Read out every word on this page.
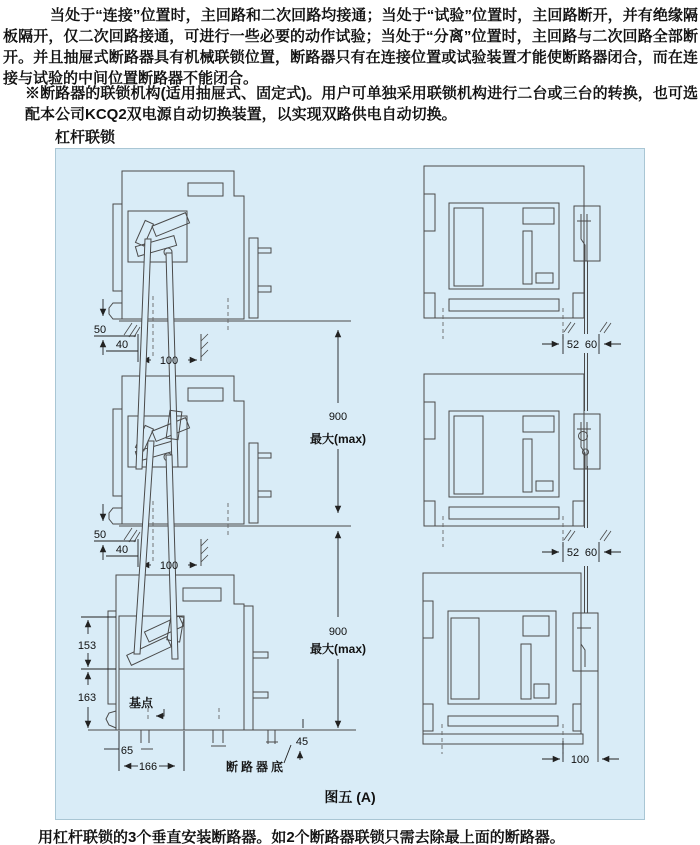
当处于“连接”位置时，主回路和二次回路均接通；当处于“试验”位置时，主回路断开，并有绝缘隔板隔开，仅二次回路接通，可进行一些必要的动作试验；当处于“分离”位置时，主回路与二次回路全部断开。并且抽屉式断路器具有机械联锁位置，断路器只有在连接位置或试验装置才能使断路器闭合，而在连接与试验的中间位置断路器不能闭合。

※断路器的联锁机构(适用抽屉式、固定式)。用户可单独采用联锁机构进行二台或三台的转换，也可选配本公司KCQ2双电源自动切换装置，以实现双路供电自动切换。

杠杆联锁
900
最大(max)
900
最大(max)
50
40
100
52 60
50
40
100
52 60
153
163
65
166
45
100
基点
断路器底
图五 (A)

用杠杆联锁的3个垂直安装断路器。如2个断路器联锁只需去除最上面的断路器。
